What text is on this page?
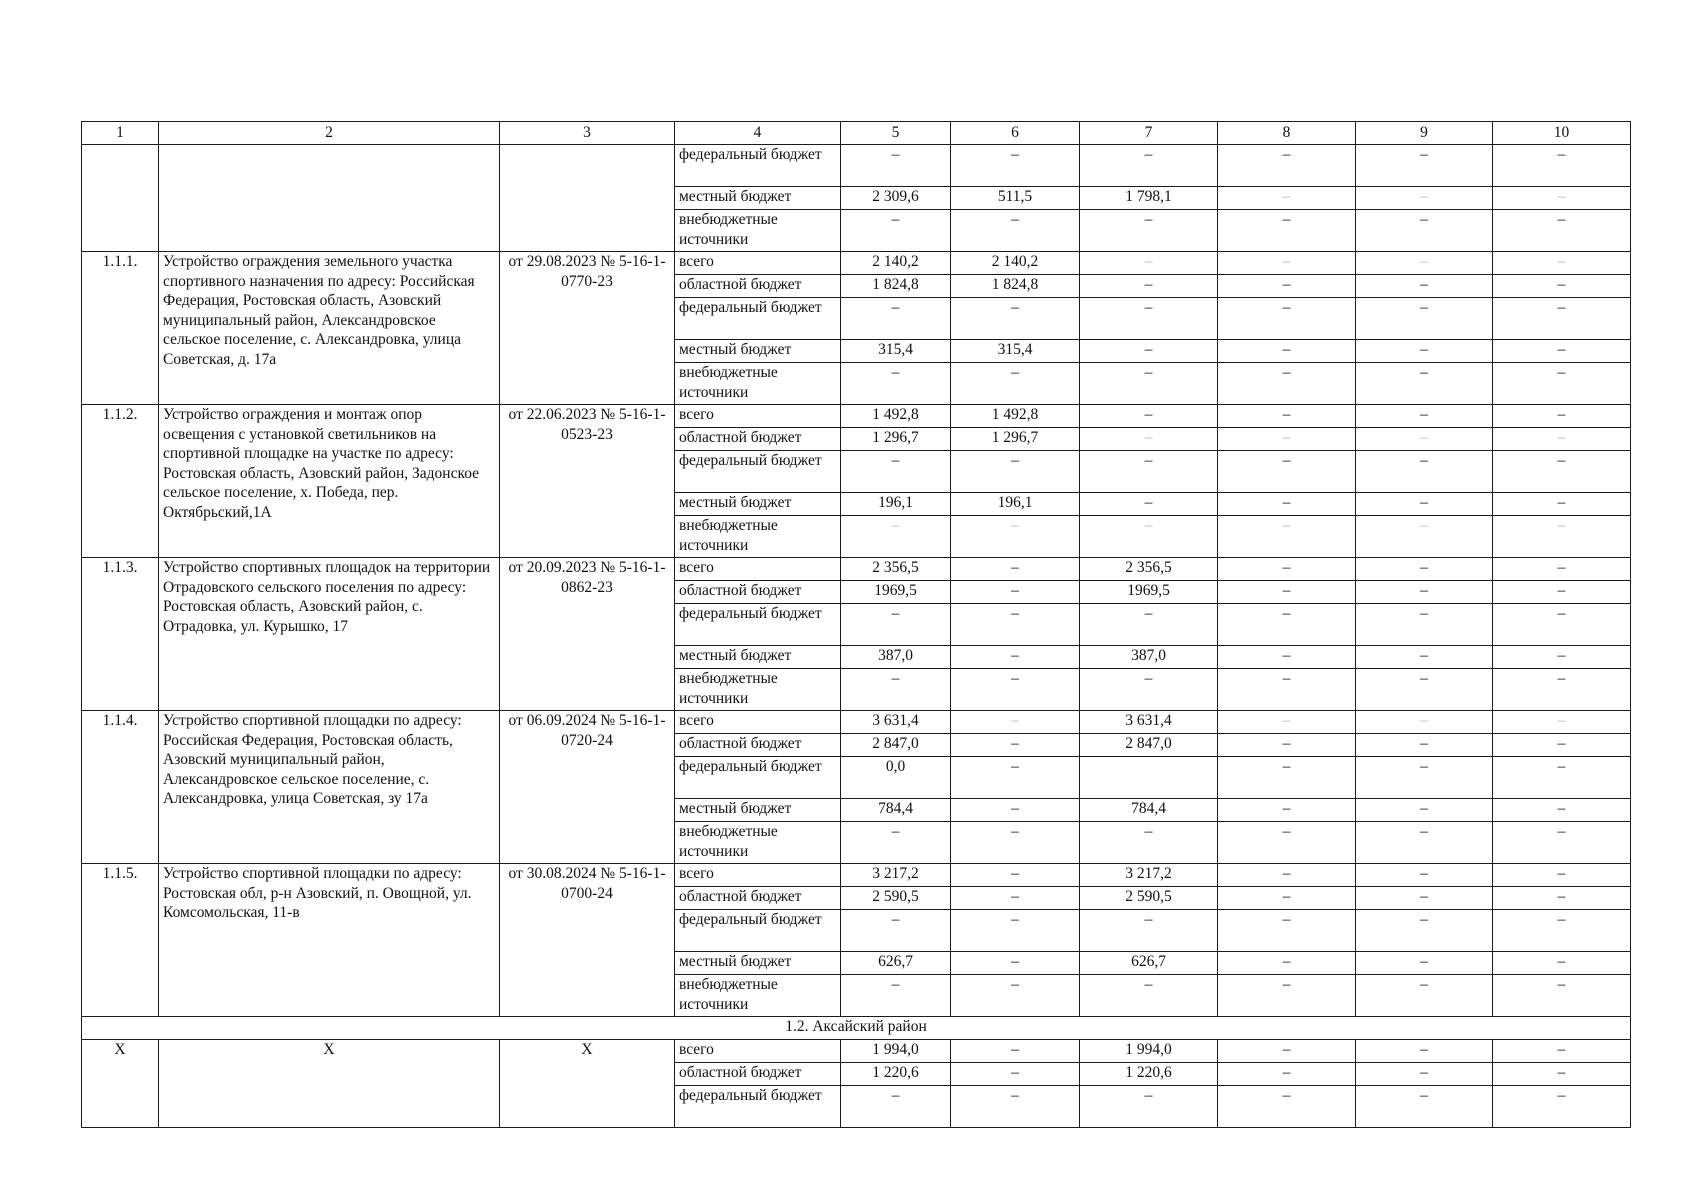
1	2	3	4	5	6	7	8	9	10
			федеральный бюджет	–	–	–	–	–	–
			местный бюджет	2 309,6	511,5	1 798,1	–	–	–
			внебюджетные источники	–	–	–	–	–	–
1.1.1.	Устройство ограждения земельного участка спортивного назначения по адресу: Российская Федерация, Ростовская область, Азовский муниципальный район, Александровское сельское поселение, с. Александровка, улица Советская, д. 17а	от 29.08.2023 № 5-16-1-0770-23	всего	2 140,2	2 140,2	–	–	–	–
			областной бюджет	1 824,8	1 824,8	–	–	–	–
			федеральный бюджет	–	–	–	–	–	–
			местный бюджет	315,4	315,4	–	–	–	–
			внебюджетные источники	–	–	–	–	–	–
1.1.2.	Устройство ограждения и монтаж опор освещения с установкой светильников на спортивной площадке на участке по адресу: Ростовская область, Азовский район, Задонское сельское поселение, х. Победа, пер. Октябрьский,1А	от 22.06.2023 № 5-16-1-0523-23	всего	1 492,8	1 492,8	–	–	–	–
			областной бюджет	1 296,7	1 296,7	–	–	–	–
			федеральный бюджет	–	–	–	–	–	–
			местный бюджет	196,1	196,1	–	–	–	–
			внебюджетные источники	–	–	–	–	–	–
1.1.3.	Устройство спортивных площадок на территории Отрадовского сельского поселения по адресу: Ростовская область, Азовский район, с. Отрадовка, ул. Курышко, 17	от 20.09.2023 № 5-16-1-0862-23	всего	2 356,5	–	2 356,5	–	–	–
			областной бюджет	1969,5	–	1969,5	–	–	–
			федеральный бюджет	–	–	–	–	–	–
			местный бюджет	387,0	–	387,0	–	–	–
			внебюджетные источники	–	–	–	–	–	–
1.1.4.	Устройство спортивной площадки по адресу: Российская Федерация, Ростовская область, Азовский муниципальный район, Александровское сельское поселение, с. Александровка, улица Советская, зу 17а	от 06.09.2024 № 5-16-1-0720-24	всего	3 631,4	–	3 631,4	–	–	–
			областной бюджет	2 847,0	–	2 847,0	–	–	–
			федеральный бюджет	0,0	–		–	–	–
			местный бюджет	784,4	–	784,4	–	–	–
			внебюджетные источники	–	–	–	–	–	–
1.1.5.	Устройство спортивной площадки по адресу: Ростовская обл, р-н Азовский, п. Овощной, ул. Комсомольская, 11-в	от 30.08.2024 № 5-16-1-0700-24	всего	3 217,2	–	3 217,2	–	–	–
			областной бюджет	2 590,5	–	2 590,5	–	–	–
			федеральный бюджет	–	–	–	–	–	–
			местный бюджет	626,7	–	626,7	–	–	–
			внебюджетные источники	–	–	–	–	–	–
1.2. Аксайский район									
Х	Х	Х	всего	1 994,0	–	1 994,0	–	–	–
			областной бюджет	1 220,6	–	1 220,6	–	–	–
			федеральный бюджет	–	–	–	–	–	–
